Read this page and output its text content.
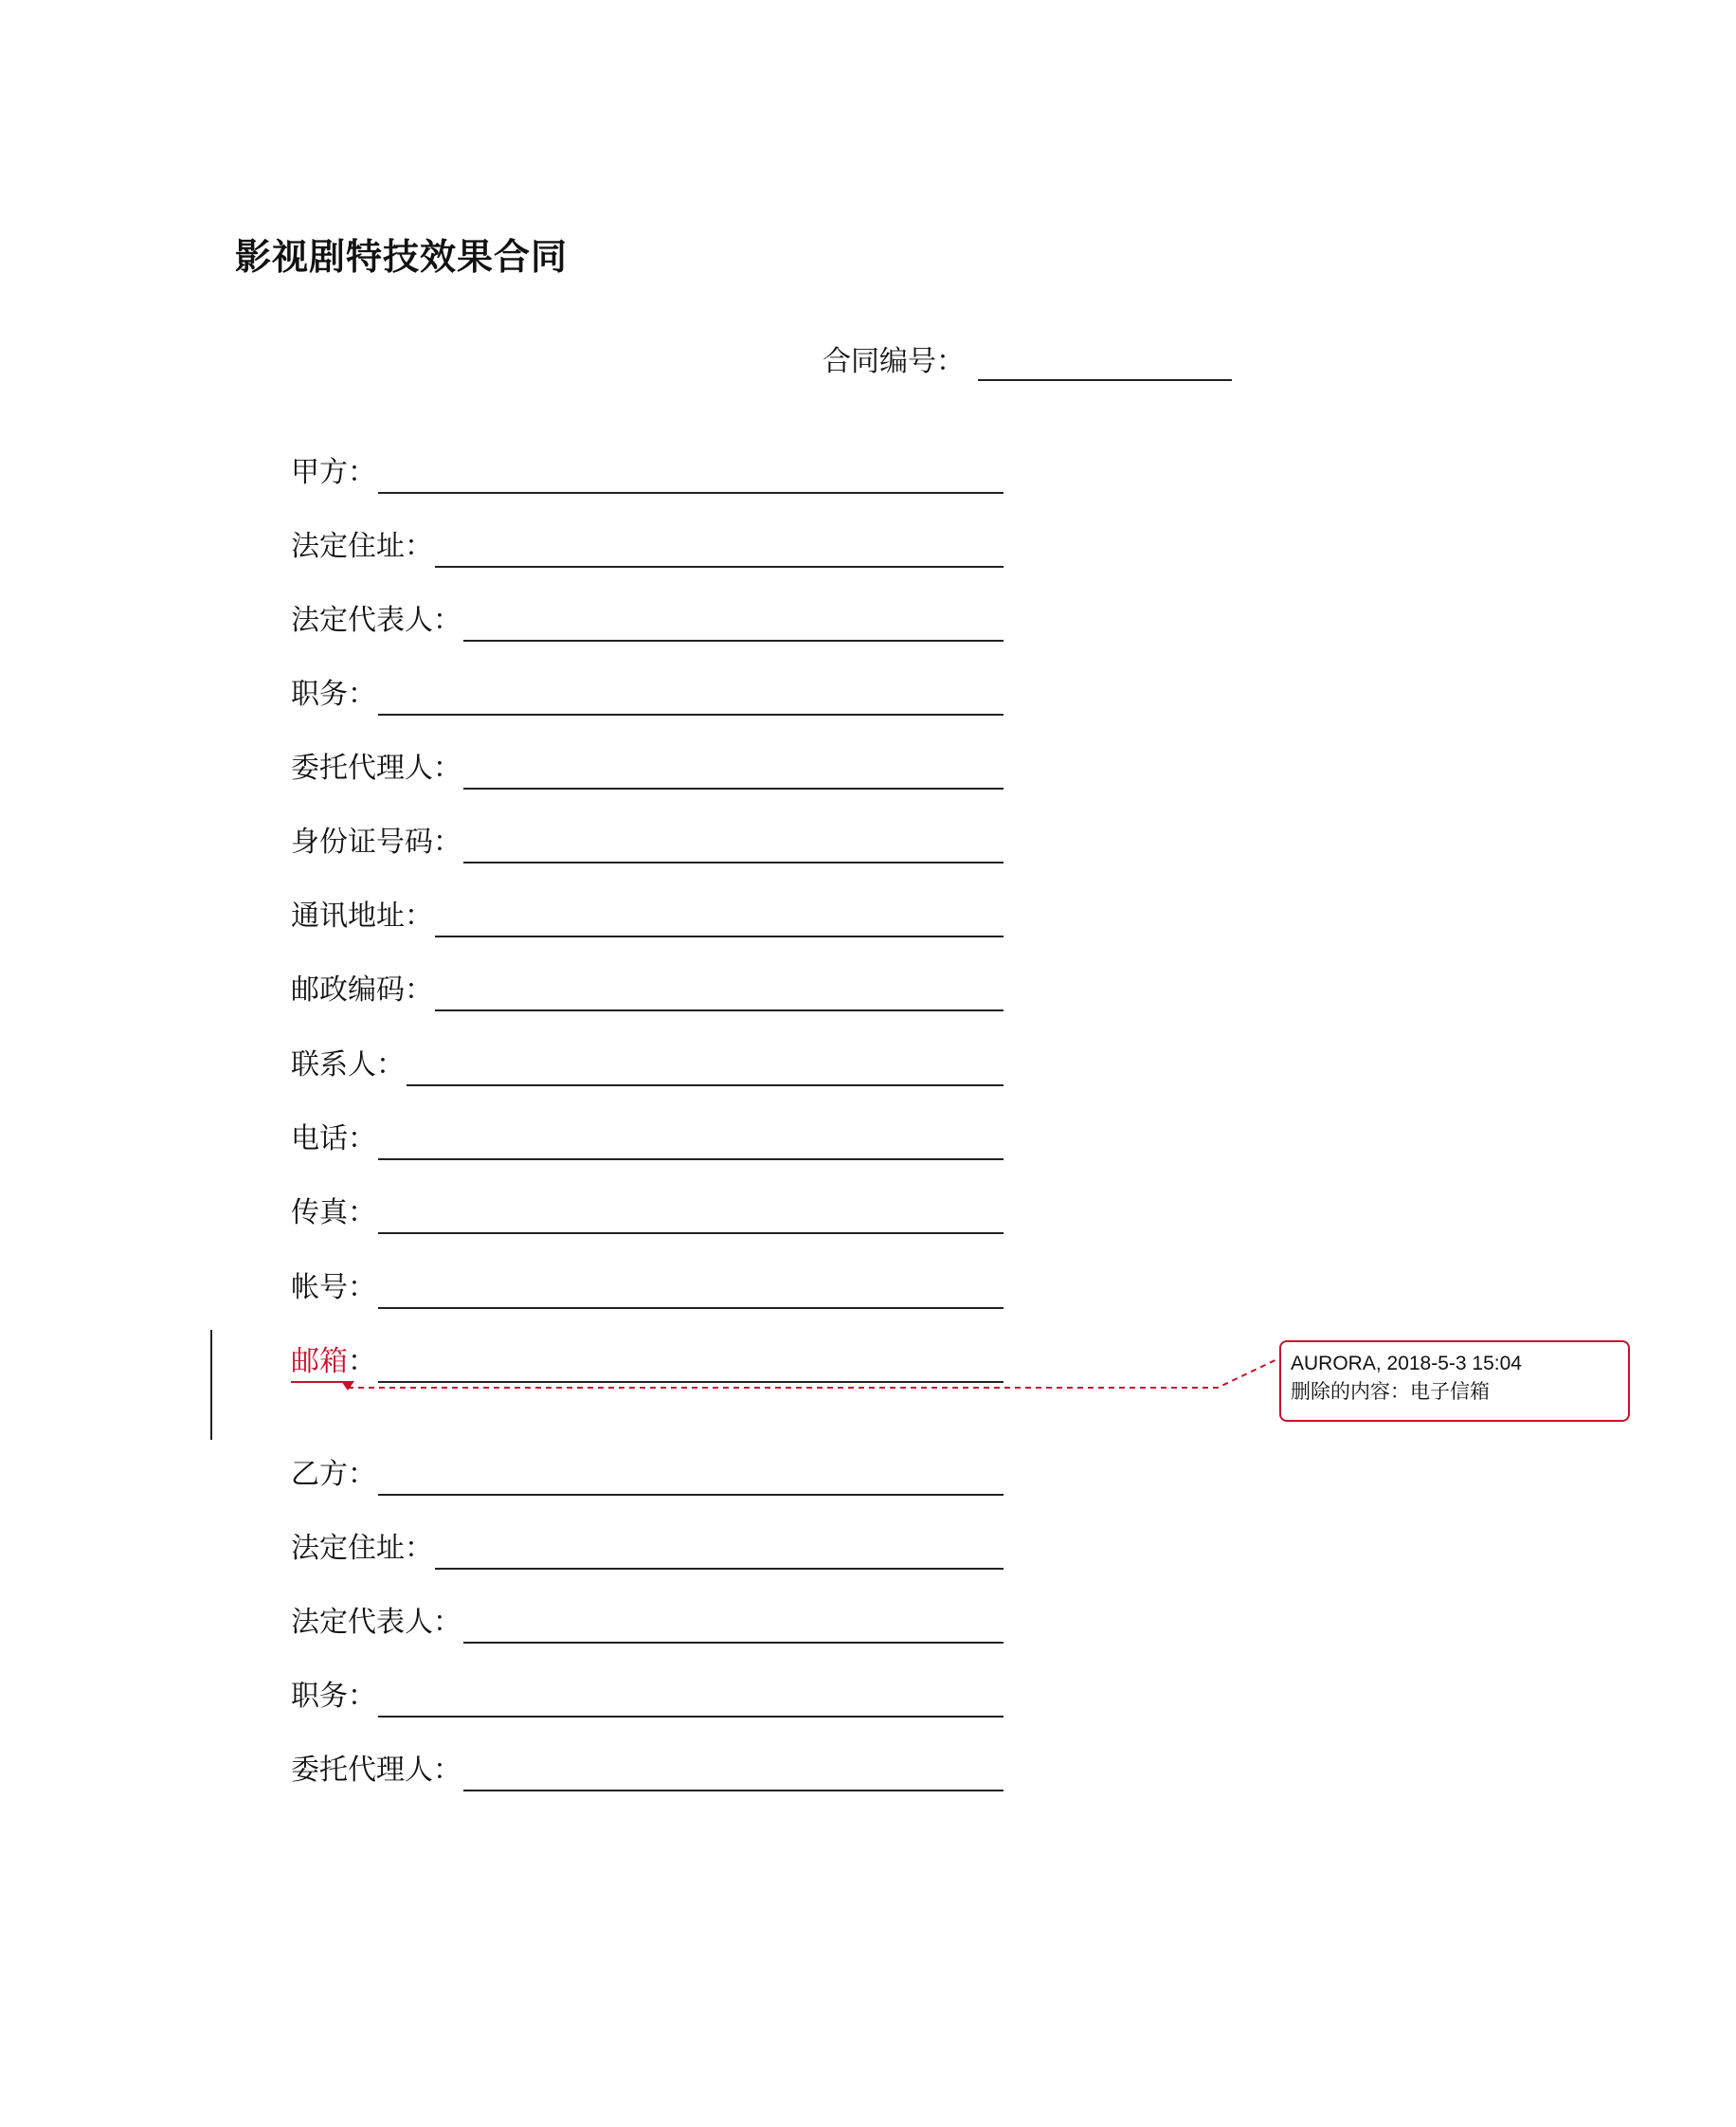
影视剧特技效果合同
合同编号：
甲方：
法定住址：
法定代表人：
职务：
委托代理人：
身份证号码：
通讯地址：
邮政编码：
联系人：
电话：
传真：
帐号：
邮箱：
乙方：
法定住址：
法定代表人：
职务：
委托代理人：
AURORA, 2018-5-3 15:04
删除的内容：电子信箱
